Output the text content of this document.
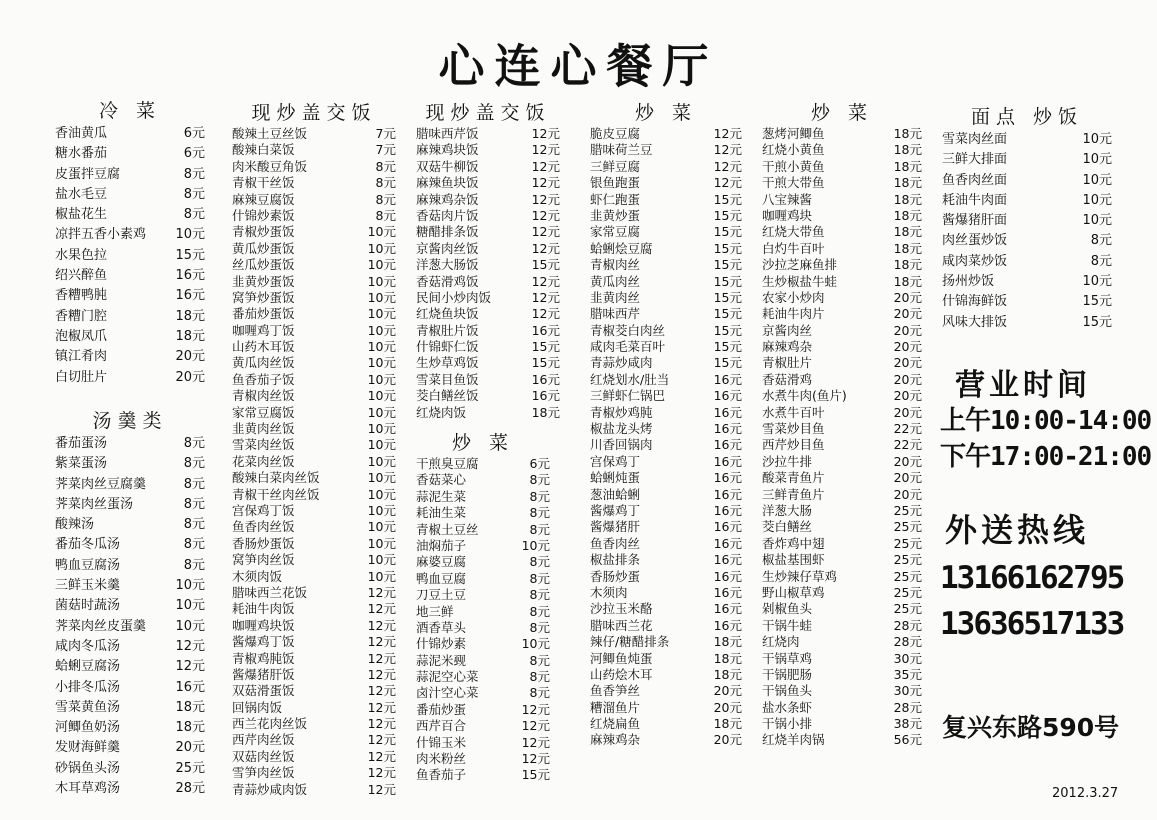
心连心餐厅
冷 菜
香油黄瓜	6元
糖水番茄	6元
皮蛋拌豆腐	8元
盐水毛豆	8元
椒盐花生	8元
凉拌五香小素鸡 10元
水果色拉	15元
绍兴醉鱼	16元
香糟鸭肫	16元
香糟门腔	18元
泡椒凤爪	18元
镇江肴肉	20元
白切肚片	20元
汤羹类
番茄蛋汤	8元
紫菜蛋汤	8元
荠菜肉丝豆腐羹	8元
荠菜肉丝蛋汤	8元
酸辣汤	8元
番茄冬瓜汤	8元
鸭血豆腐汤	8元
三鲜玉米羹	10元
菌菇时蔬汤	10元
荠菜肉丝皮蛋羹 10元
咸肉冬瓜汤	12元
蛤蜊豆腐汤	12元
小排冬瓜汤	16元
雪菜黄鱼汤	18元
河鲫鱼奶汤	18元
发财海鲜羹	20元
砂锅鱼头汤	25元
木耳草鸡汤	28元
现炒盖交饭
酸辣土豆丝饭	7元
酸辣白菜饭	7元
肉米酸豆角饭	8元
青椒干丝饭	8元
麻辣豆腐饭	8元
什锦炒素饭	8元
青椒炒蛋饭	10元
黄瓜炒蛋饭	10元
丝瓜炒蛋饭	10元
韭黄炒蛋饭	10元
窝笋炒蛋饭	10元
番茄炒蛋饭	10元
咖喱鸡丁饭	10元
山药木耳饭	10元
黄瓜肉丝饭	10元
鱼香茄子饭	10元
青椒肉丝饭	10元
家常豆腐饭	10元
韭黄肉丝饭	10元
雪菜肉丝饭	10元
花菜肉丝饭	10元
酸辣白菜肉丝饭	10元
青椒干丝肉丝饭	10元
宫保鸡丁饭	10元
鱼香肉丝饭	10元
香肠炒蛋饭	10元
窝笋肉丝饭	10元
木须肉饭	10元
腊味西兰花饭	12元
耗油牛肉饭	12元
咖喱鸡块饭	12元
酱爆鸡丁饭	12元
青椒鸡肫饭	12元
酱爆猪肝饭	12元
双菇滑蛋饭	12元
回锅肉饭	12元
西兰花肉丝饭	12元
西芹肉丝饭	12元
双菇肉丝饭	12元
雪笋肉丝饭	12元
青蒜炒咸肉饭	12元
现炒盖交饭
腊味西芹饭	12元
麻辣鸡块饭	12元
双菇牛柳饭	12元
麻辣鱼块饭	12元
麻辣鸡杂饭	12元
香菇肉片饭	12元
糖醋排条饭	12元
京酱肉丝饭	12元
洋葱大肠饭	15元
香菇滑鸡饭	12元
民间小炒肉饭	12元
红烧鱼块饭	12元
青椒肚片饭	16元
什锦虾仁饭	15元
生炒草鸡饭	15元
雪菜目鱼饭	16元
茭白鳝丝饭	16元
红烧肉饭	18元
炒 菜
干煎臭豆腐	6元
香菇菜心	8元
蒜泥生菜	8元
耗油生菜	8元
青椒土豆丝	8元
油焖茄子	10元
麻婆豆腐	8元
鸭血豆腐	8元
刀豆土豆	8元
地三鲜	8元
酒香草头	8元
什锦炒素	10元
蒜泥米觋	8元
蒜泥空心菜	8元
卤汁空心菜	8元
番茄炒蛋	12元
西芹百合	12元
什锦玉米	12元
肉米粉丝	12元
鱼香茄子	15元
炒 菜
脆皮豆腐	12元
腊味荷兰豆	12元
三鲜豆腐	12元
银鱼跑蛋	12元
虾仁跑蛋	15元
韭黄炒蛋	15元
家常豆腐	15元
蛤蜊烩豆腐	15元
青椒肉丝	15元
黄瓜肉丝	15元
韭黄肉丝	15元
腊味西芹	15元
青椒茭白肉丝	15元
咸肉毛菜百叶	15元
青蒜炒咸肉	15元
红烧划水/肚当	16元
三鲜虾仁锅巴	16元
青椒炒鸡肫	16元
椒盐龙头烤	16元
川香回锅肉	16元
宫保鸡丁	16元
蛤蜊炖蛋	16元
葱油蛤蜊	16元
酱爆鸡丁	16元
酱爆猪肝	16元
鱼香肉丝	16元
椒盐排条	16元
香肠炒蛋	16元
木须肉	16元
沙拉玉米酪	16元
腊味西兰花	16元
辣仔/糖醋排条	18元
河鲫鱼炖蛋	18元
山药烩木耳	18元
鱼香笋丝	20元
糟溜鱼片	20元
红烧扁鱼	18元
麻辣鸡杂	20元
炒 菜
葱烤河鲫鱼	18元
红烧小黄鱼	18元
干煎小黄鱼	18元
干煎大带鱼	18元
八宝辣酱	18元
咖喱鸡块	18元
红烧大带鱼	18元
白灼牛百叶	18元
沙拉芝麻鱼排	18元
生炒椒盐牛蛙	18元
农家小炒肉	20元
耗油牛肉片	20元
京酱肉丝	20元
麻辣鸡杂	20元
青椒肚片	20元
香菇滑鸡	20元
水煮牛肉(鱼片)	20元
水煮牛百叶	20元
雪菜炒目鱼	22元
西芹炒目鱼	22元
沙拉牛排	20元
酸菜青鱼片	20元
三鲜青鱼片	20元
洋葱大肠	25元
茭白鳝丝	25元
香炸鸡中翅	25元
椒盐基围虾	25元
生炒辣仔草鸡	25元
野山椒草鸡	25元
剁椒鱼头	25元
干锅牛蛙	28元
红烧肉	28元
干锅草鸡	30元
干锅肥肠	35元
干锅鱼头	30元
盐水条虾	28元
干锅小排	38元
红烧羊肉锅	56元
面点 炒饭
雪菜肉丝面	10元
三鲜大排面	10元
鱼香肉丝面	10元
耗油牛肉面	10元
酱爆猪肝面	10元
肉丝蛋炒饭	8元
咸肉菜炒饭	8元
扬州炒饭	10元
什锦海鲜饭	15元
风味大排饭	15元
营业时间
上午10:00-14:00
下午17:00-21:00
外送热线
13166162795
13636517133
复兴东路590号
2012.3.27
